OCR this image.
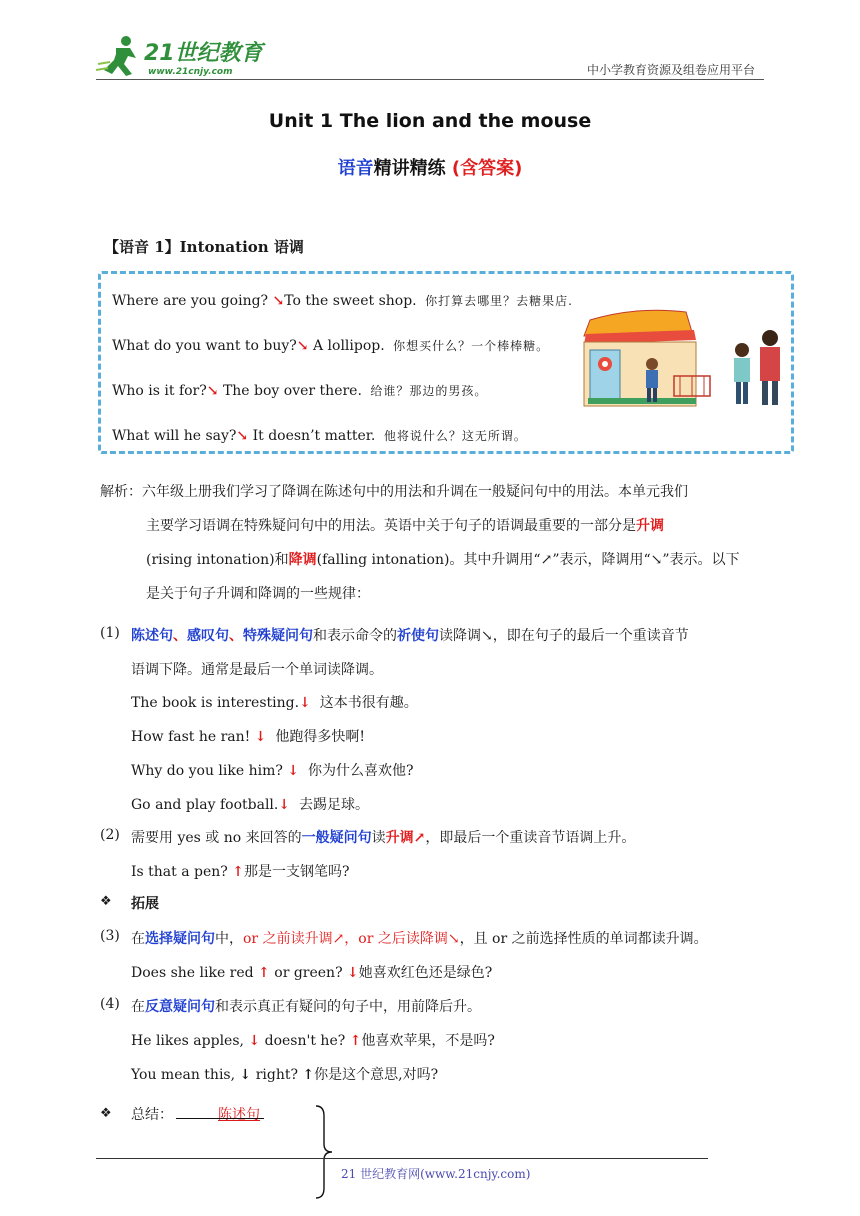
21世纪教育
www.21cnjy.com	中小学教育资源及组卷应用平台
Unit 1 The lion and the mouse
语音精讲精练 (含答案)
【语音 1】Intonation 语调
Where are you going? ↘To the sweet shop. 你打算去哪里？去糖果店.
What do you want to buy?↘ A lollipop. 你想买什么？一个棒棒糖。
Who is it for?↘ The boy over there. 给谁？那边的男孩。
What will he say?↘ It doesn’t matter. 他将说什么？这无所谓。
解析：六年级上册我们学习了降调在陈述句中的用法和升调在一般疑问句中的用法。本单元我们
主要学习语调在特殊疑问句中的用法。英语中关于句子的语调最重要的一部分是升调
(rising intonation)和降调(falling intonation)。其中升调用“↗”表示，降调用“↘”表示。以下
是关于句子升调和降调的一些规律：
(1) 陈述句、感叹句、特殊疑问句和表示命令的祈使句读降调↘，即在句子的最后一个重读音节
语调下降。通常是最后一个单词读降调。
The book is interesting.↓ 这本书很有趣。
How fast he ran! ↓ 他跑得多快啊!
Why do you like him? ↓ 你为什么喜欢他?
Go and play football.↓ 去踢足球。
(2) 需要用 yes 或 no 来回答的一般疑问句读升调↗，即最后一个重读音节语调上升。
Is that a pen? ↑那是一支钢笔吗?
❖ 拓展
(3) 在选择疑问句中，or 之前读升调↗，or 之后读降调↘，且 or 之前选择性质的单词都读升调。
Does she like red ↑ or green? ↓她喜欢红色还是绿色?
(4) 在反意疑问句和表示真正有疑问的句子中，用前降后升。
He likes apples, ↓ doesn't he? ↑他喜欢苹果，不是吗?
You mean this, ↓ right? ↑你是这个意思,对吗?
❖ 总结：	陈述句
21 世纪教育网(www.21cnjy.com)
